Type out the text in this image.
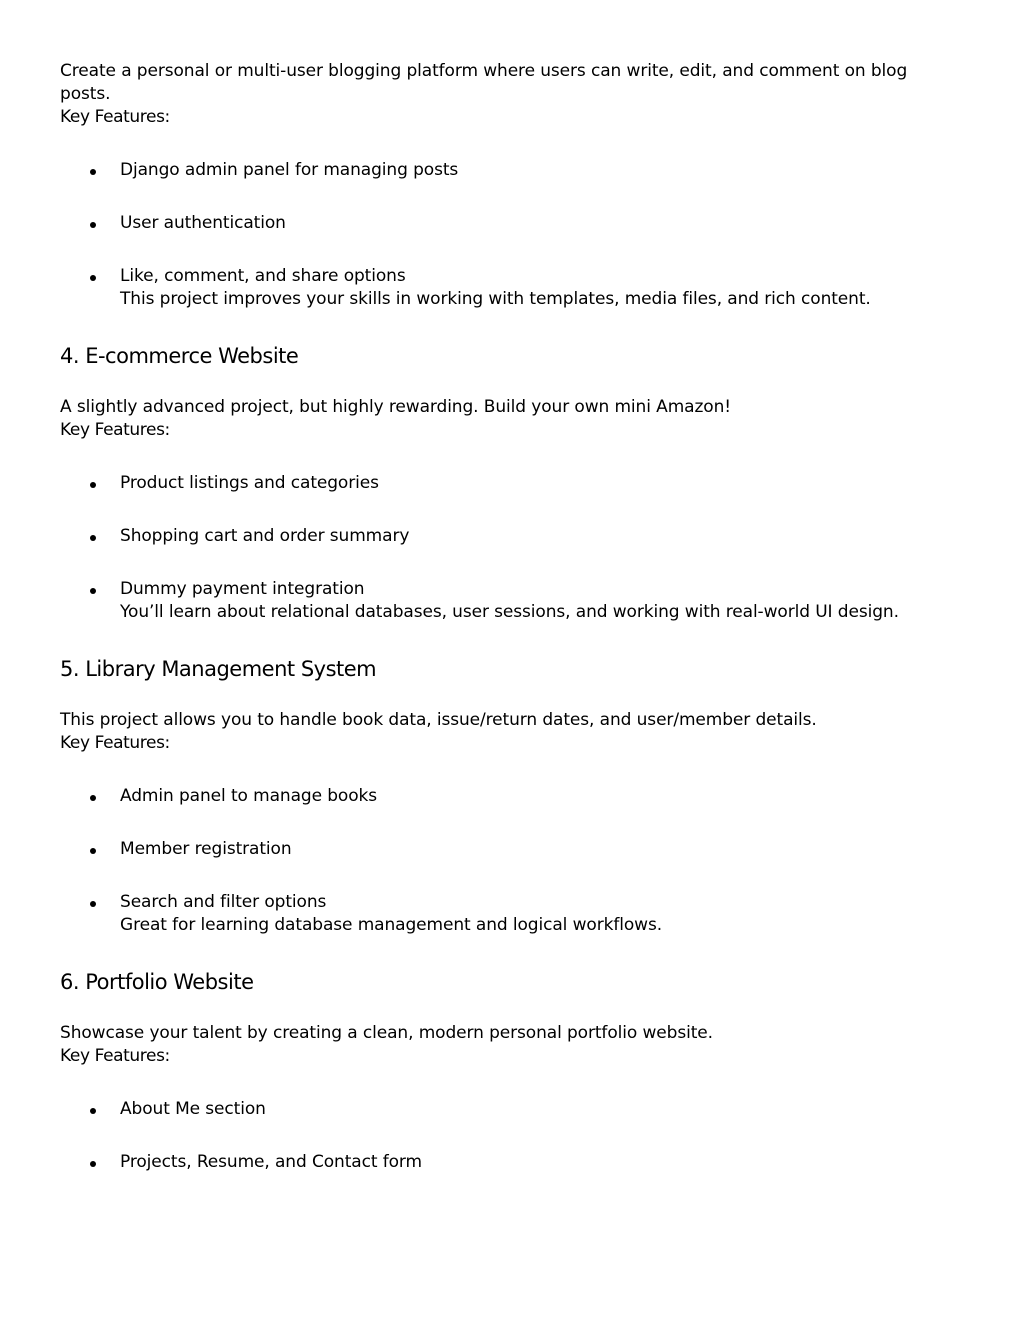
Create a personal or multi-user blogging platform where users can write, edit, and comment on blog posts.

Key Features:

Django admin panel for managing posts
User authentication
Like, comment, and share options
This project improves your skills in working with templates, media files, and rich content.
4. E-commerce Website

A slightly advanced project, but highly rewarding. Build your own mini Amazon!

Key Features:

Product listings and categories
Shopping cart and order summary
Dummy payment integration
You’ll learn about relational databases, user sessions, and working with real-world UI design.
5. Library Management System

This project allows you to handle book data, issue/return dates, and user/member details.

Key Features:

Admin panel to manage books
Member registration
Search and filter options
Great for learning database management and logical workflows.
6. Portfolio Website

Showcase your talent by creating a clean, modern personal portfolio website.

Key Features:

About Me section
Projects, Resume, and Contact form
